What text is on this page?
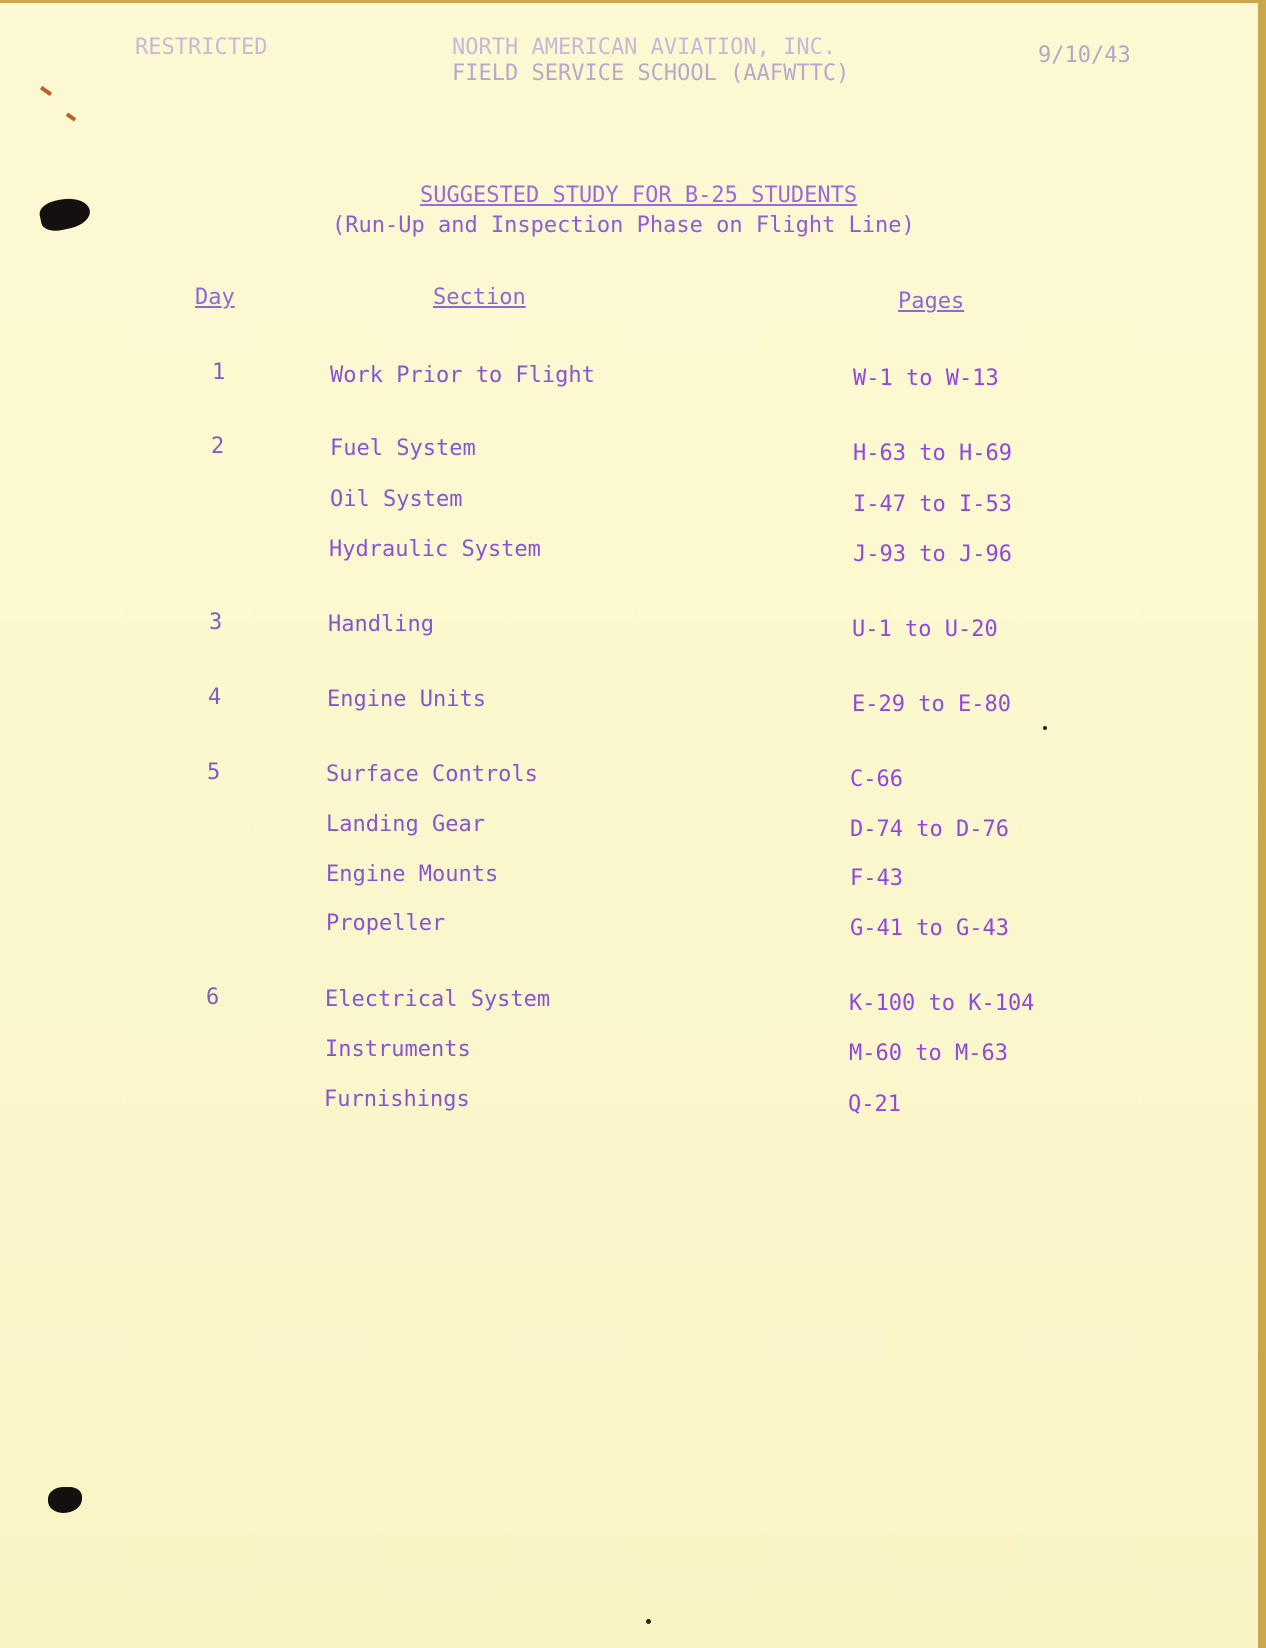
RESTRICTED	NORTH AMERICAN AVIATION, INC.
FIELD SERVICE SCHOOL (AAFWTTC)
9/10/43
SUGGESTED STUDY FOR B-25 STUDENTS
(Run-Up and Inspection Phase on Flight Line)
Day	Section	Pages
1	Work Prior to Flight	W-1 to W-13
2	Fuel System	H-63 to H-69
Oil System	I-47 to I-53
Hydraulic System	J-93 to J-96
3	Handling	U-1 to U-20
4	Engine Units	E-29 to E-80
5	Surface Controls	C-66
Landing Gear	D-74 to D-76
Engine Mounts	F-43
Propeller	G-41 to G-43
6	Electrical System	K-100 to K-104
Instruments	M-60 to M-63
Furnishings	Q-21
